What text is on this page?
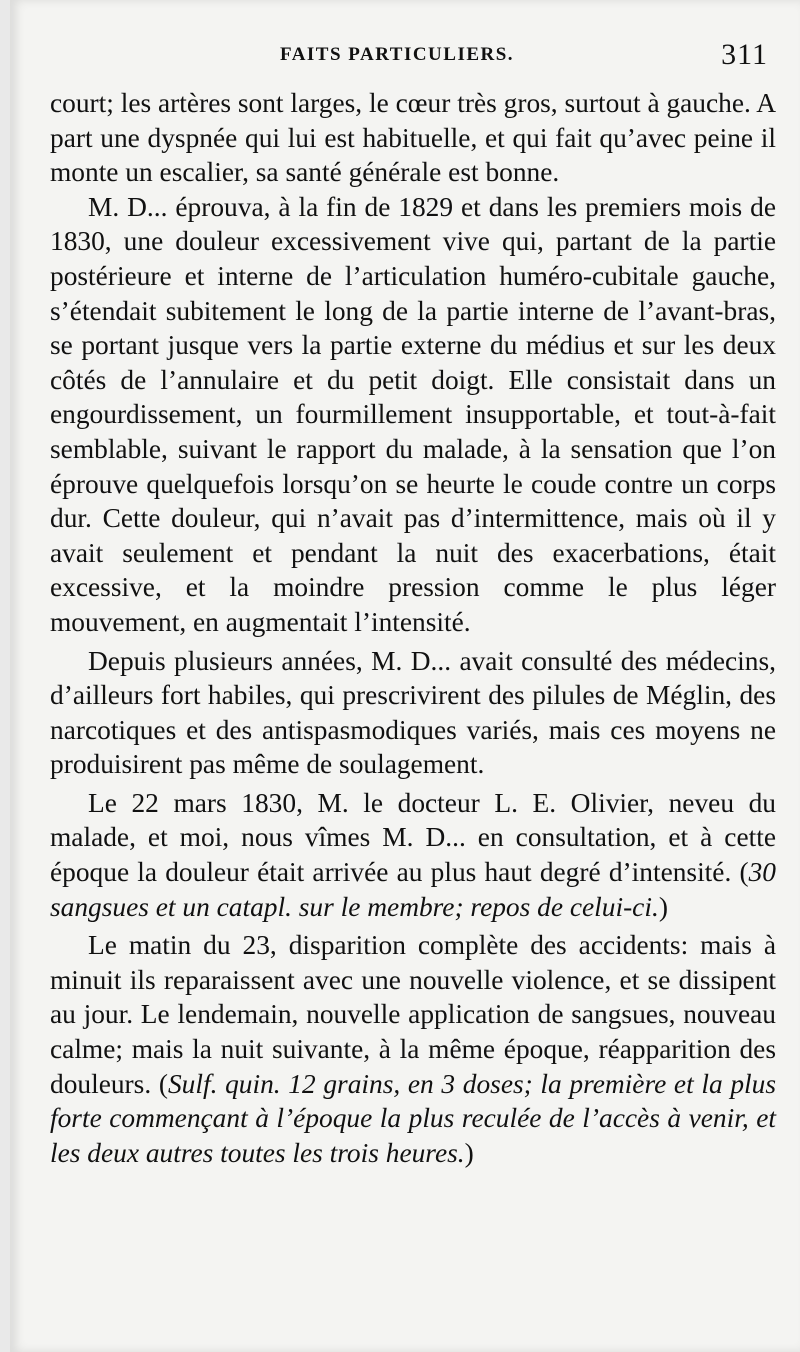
FAITS PARTICULIERS.	311

court; les artères sont larges, le cœur très gros, surtout à gauche. A part une dyspnée qui lui est habituelle, et qui fait qu’avec peine il monte un escalier, sa santé générale est bonne.

M. D... éprouva, à la fin de 1829 et dans les premiers mois de 1830, une douleur excessivement vive qui, partant de la partie postérieure et interne de l’articulation huméro-cubitale gauche, s’étendait subitement le long de la partie interne de l’avant-bras, se portant jusque vers la partie externe du médius et sur les deux côtés de l’annulaire et du petit doigt. Elle consistait dans un engourdissement, un fourmillement insupportable, et tout-à-fait semblable, suivant le rapport du malade, à la sensation que l’on éprouve quelquefois lorsqu’on se heurte le coude contre un corps dur. Cette douleur, qui n’avait pas d’intermittence, mais où il y avait seulement et pendant la nuit des exacerbations, était excessive, et la moindre pression comme le plus léger mouvement, en augmentait l’intensité.

Depuis plusieurs années, M. D... avait consulté des médecins, d’ailleurs fort habiles, qui prescrivirent des pilules de Méglin, des narcotiques et des antispasmodiques variés, mais ces moyens ne produisirent pas même de soulagement.

Le 22 mars 1830, M. le docteur L. E. Olivier, neveu du malade, et moi, nous vîmes M. D... en consultation, et à cette époque la douleur était arrivée au plus haut degré d’intensité. (30 sangsues et un catapl. sur le membre; repos de celui-ci.)

Le matin du 23, disparition complète des accidents: mais à minuit ils reparaissent avec une nouvelle violence, et se dissipent au jour. Le lendemain, nouvelle application de sangsues, nouveau calme; mais la nuit suivante, à la même époque, réapparition des douleurs. (Sulf. quin. 12 grains, en 3 doses; la première et la plus forte commençant à l’époque la plus reculée de l’accès à venir, et les deux autres toutes les trois heures.)
